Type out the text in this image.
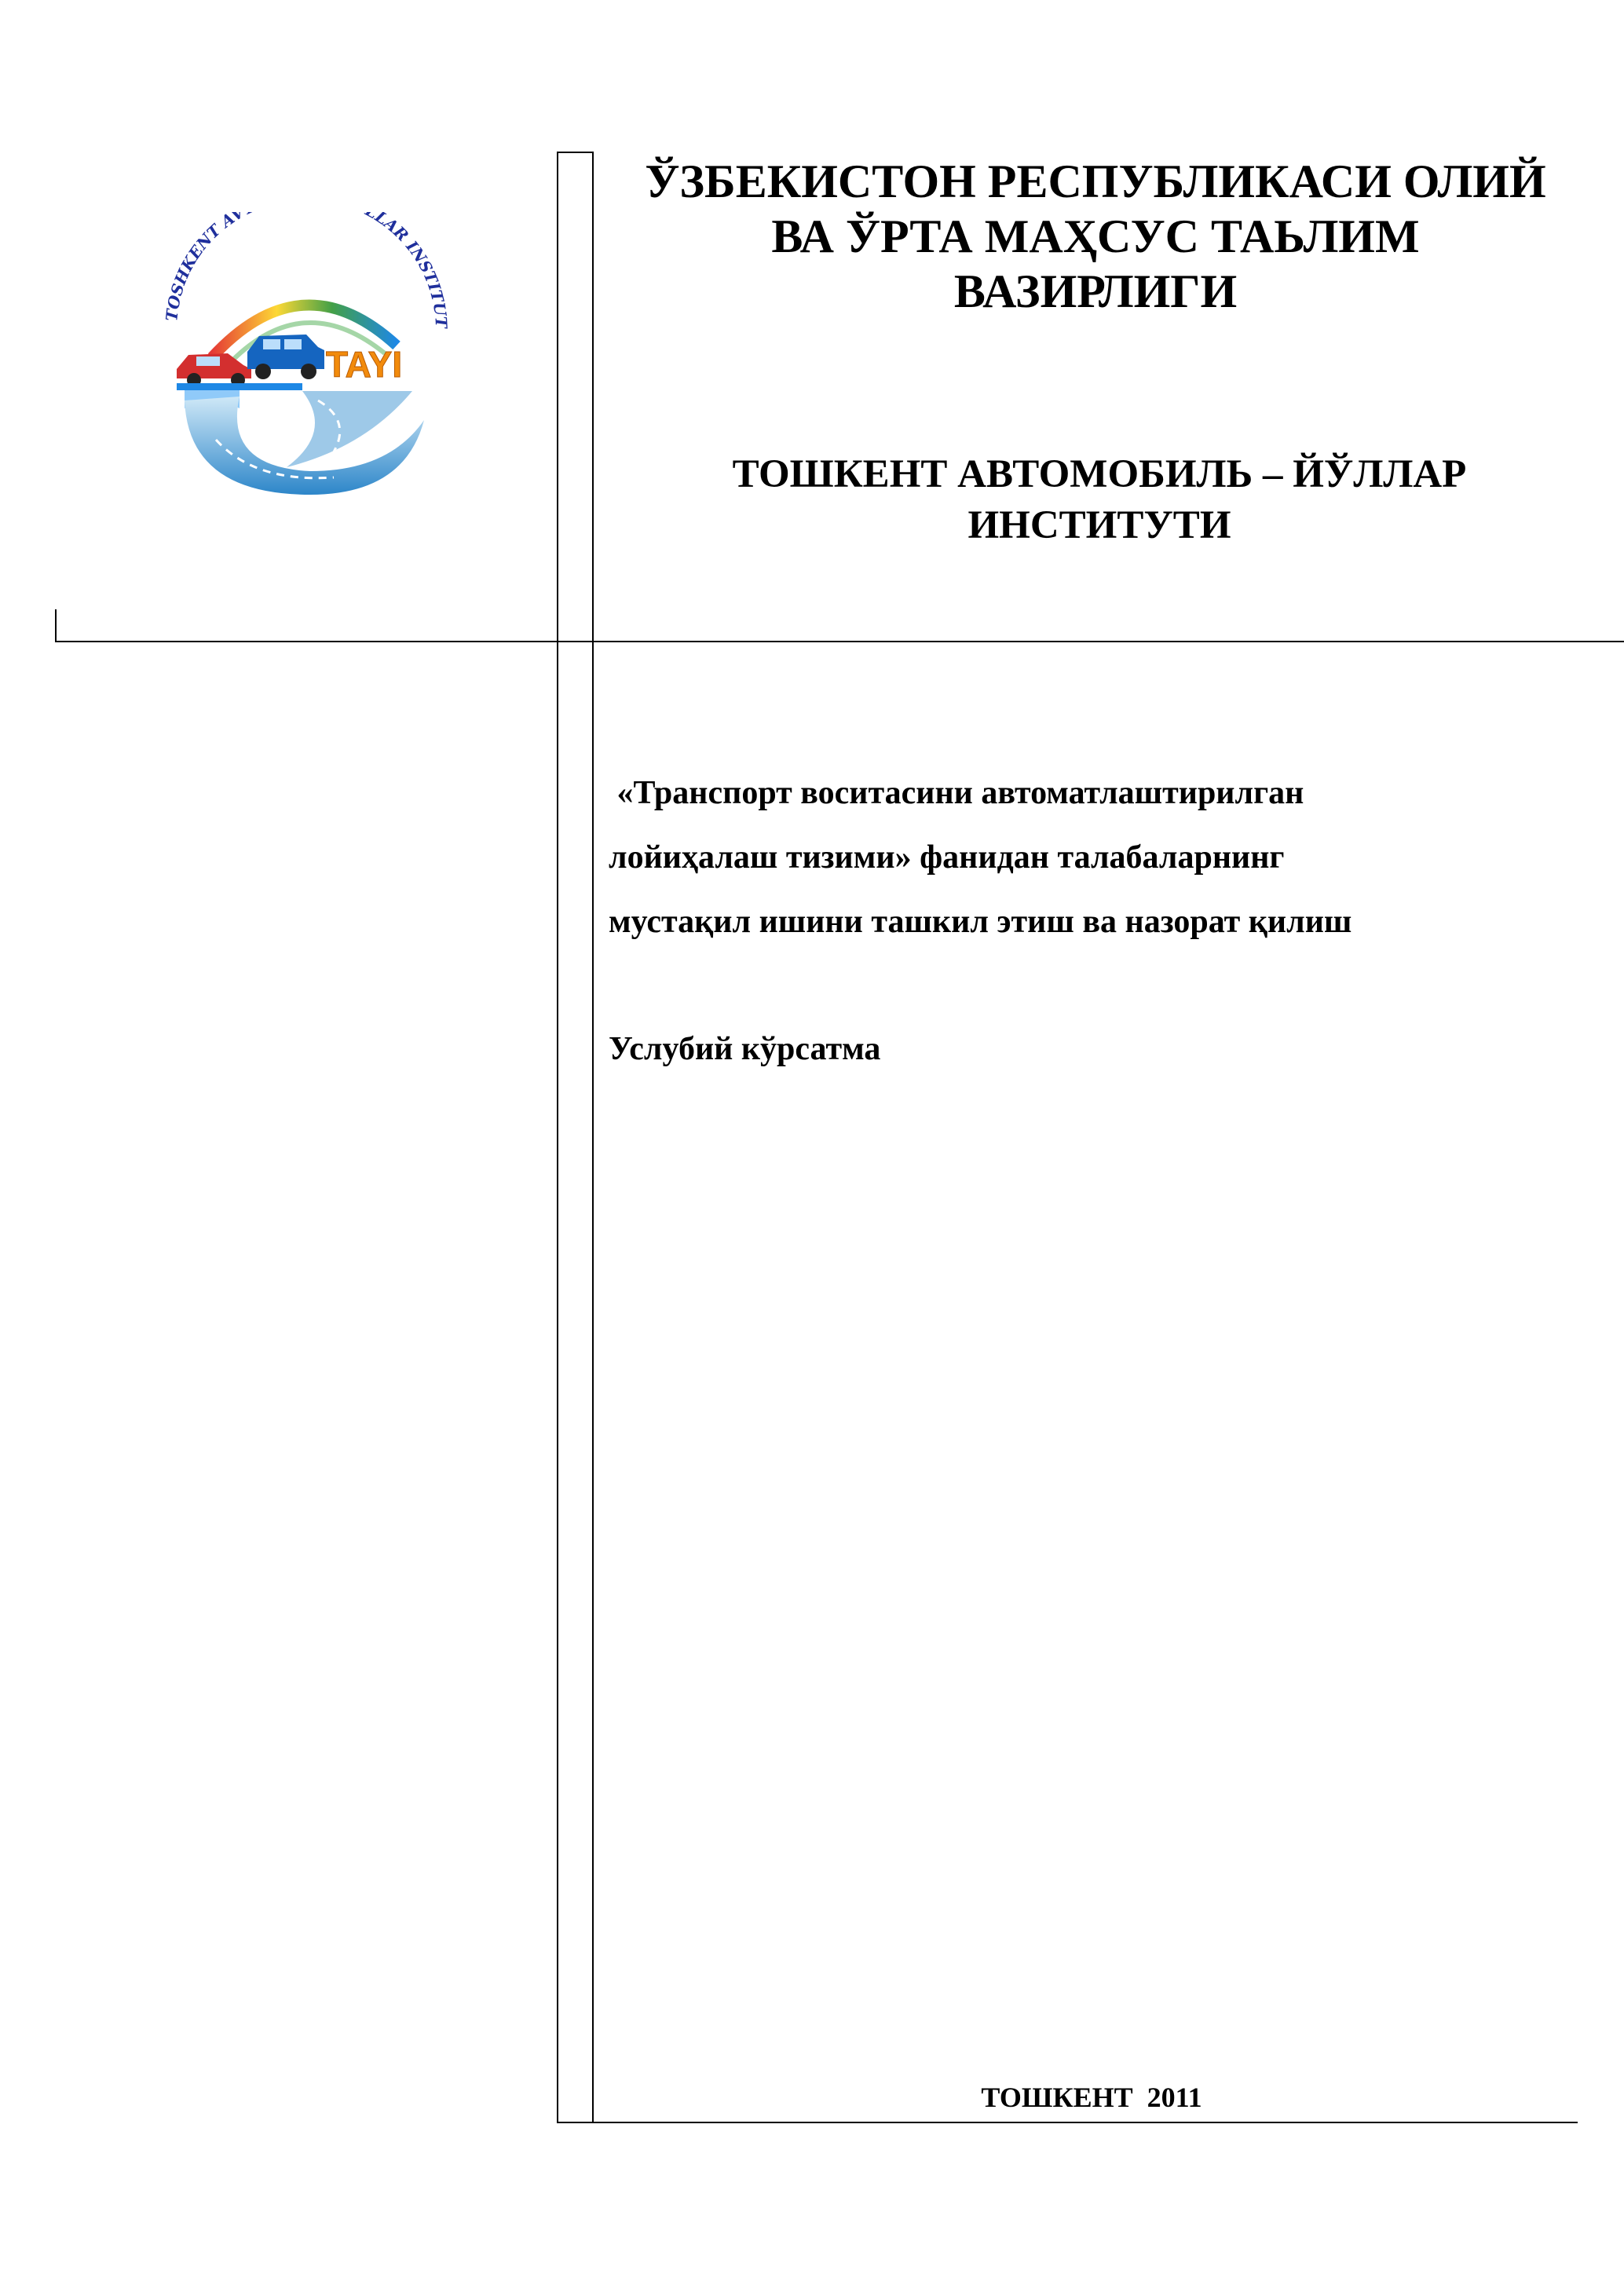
TOSHKENT AV LAR INSTITUT
TAYI
ЎЗБЕКИСТОН РЕСПУБЛИКАСИ ОЛИЙ
ВА ЎРТА МАҲСУС ТАЬЛИМ
ВАЗИРЛИГИ
ТОШКЕНТ АВТОМОБИЛЬ – ЙЎЛЛАР
ИНСТИТУТИ
«Транспорт воситасини автоматлаштирилган
лойиҳалаш тизими» фанидан талабаларнинг
мустақил ишини ташкил этиш ва назорат қилиш
Услубий кўрсатма
ТОШКЕНТ  2011
